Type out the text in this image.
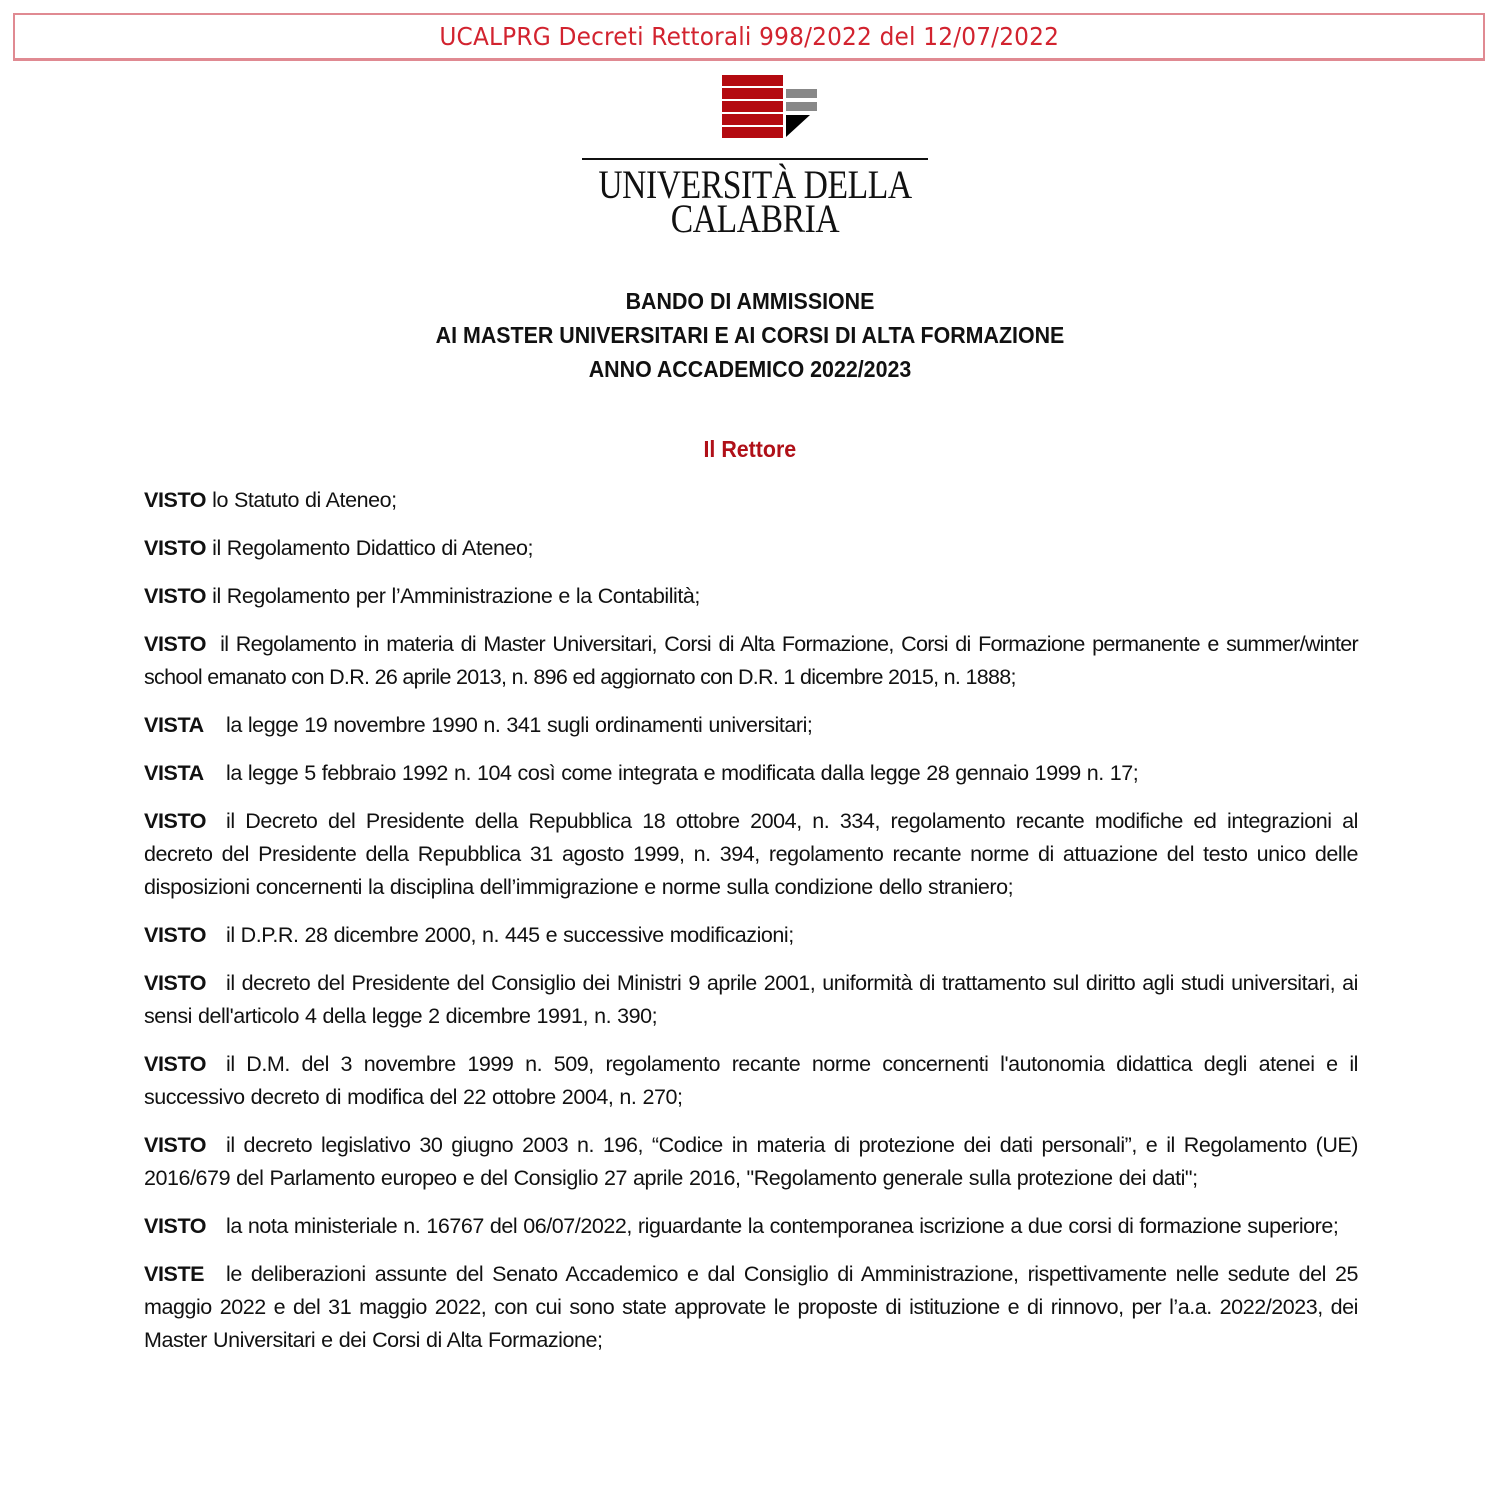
UCALPRG Decreti Rettorali 998/2022 del 12/07/2022
UNIVERSITÀ DELLA
CALABRIA
BANDO DI AMMISSIONE
AI MASTER UNIVERSITARI E AI CORSI DI ALTA FORMAZIONE
ANNO ACCADEMICO 2022/2023
Il Rettore

VISTO lo Statuto di Ateneo;

VISTO il Regolamento Didattico di Ateneo;

VISTO il Regolamento per l’Amministrazione e la Contabilità;

VISTO il Regolamento in materia di Master Universitari, Corsi di Alta Formazione, Corsi di Formazione permanente e summer/winter school emanato con D.R. 26 aprile 2013, n. 896 ed aggiornato con D.R. 1 dicembre 2015, n. 1888;

VISTA la legge 19 novembre 1990 n. 341 sugli ordinamenti universitari;

VISTA la legge 5 febbraio 1992 n. 104 così come integrata e modificata dalla legge 28 gennaio 1999 n. 17;

VISTO il Decreto del Presidente della Repubblica 18 ottobre 2004, n. 334, regolamento recante modifiche ed integrazioni al decreto del Presidente della Repubblica 31 agosto 1999, n. 394, regolamento recante norme di attuazione del testo unico delle disposizioni concernenti la disciplina dell’immigrazione e norme sulla condizione dello straniero;

VISTO il D.P.R. 28 dicembre 2000, n. 445 e successive modificazioni;

VISTO il decreto del Presidente del Consiglio dei Ministri 9 aprile 2001, uniformità di trattamento sul diritto agli studi universitari, ai sensi dell'articolo 4 della legge 2 dicembre 1991, n. 390;

VISTO il D.M. del 3 novembre 1999 n. 509, regolamento recante norme concernenti l'autonomia didattica degli atenei e il successivo decreto di modifica del 22 ottobre 2004, n. 270;

VISTO il decreto legislativo 30 giugno 2003 n. 196, “Codice in materia di protezione dei dati personali”, e il Regolamento (UE) 2016/679 del Parlamento europeo e del Consiglio 27 aprile 2016, "Regolamento generale sulla protezione dei dati";

VISTO la nota ministeriale n. 16767 del 06/07/2022, riguardante la contemporanea iscrizione a due corsi di formazione superiore;

VISTE le deliberazioni assunte del Senato Accademico e dal Consiglio di Amministrazione, rispettivamente nelle sedute del 25 maggio 2022 e del 31 maggio 2022, con cui sono state approvate le proposte di istituzione e di rinnovo, per l’a.a. 2022/2023, dei Master Universitari e dei Corsi di Alta Formazione;
